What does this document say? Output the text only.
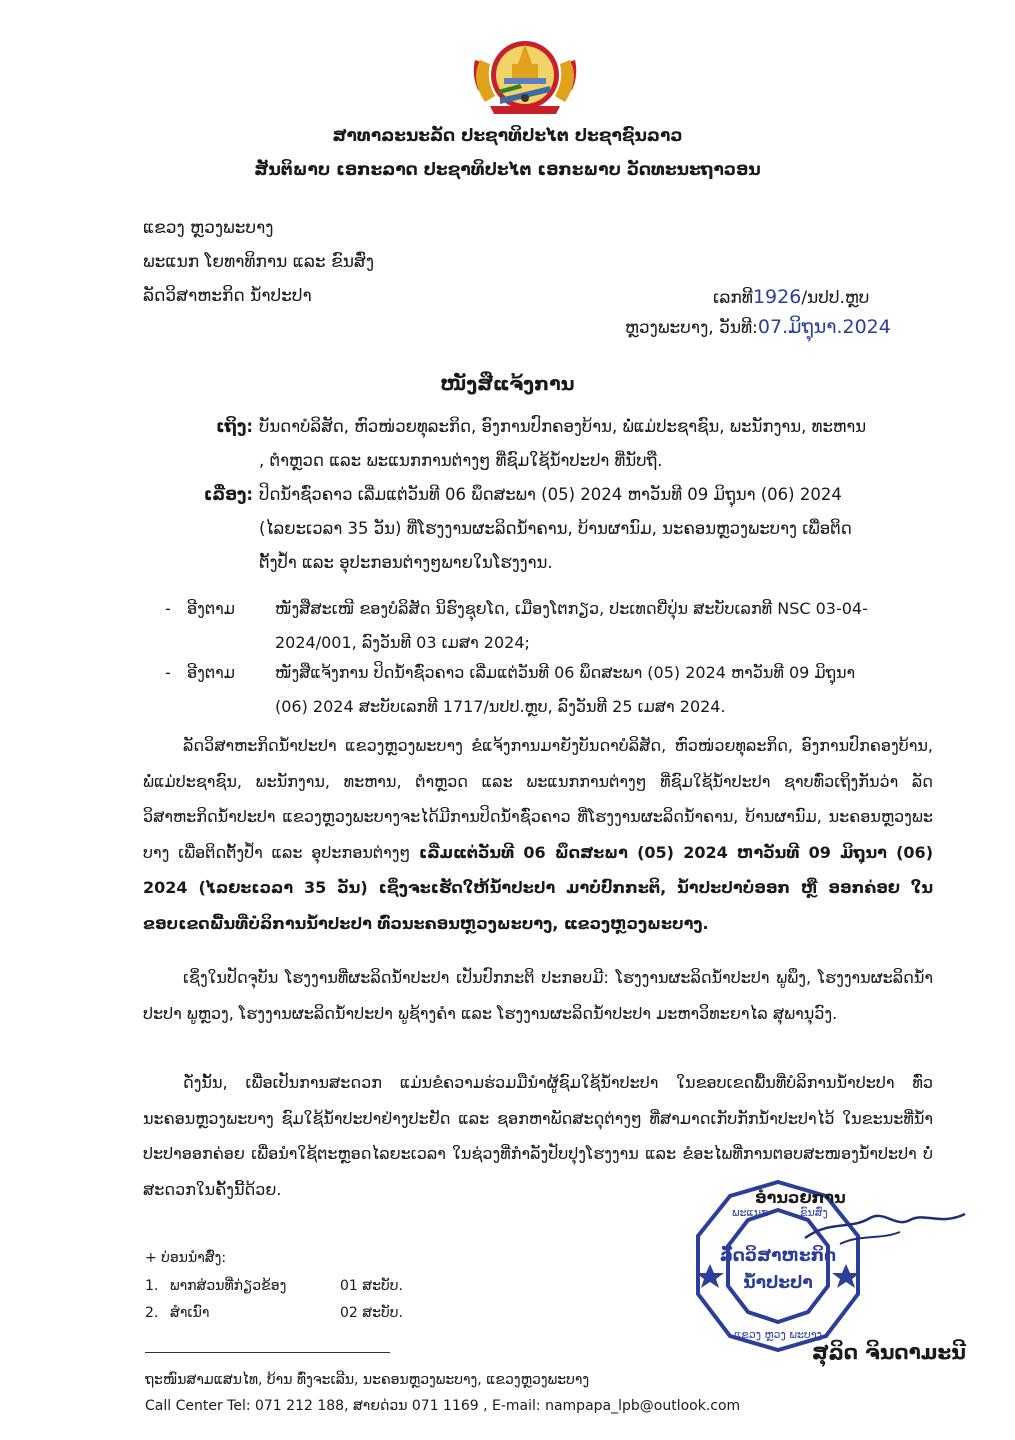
ສາທາລະນະລັດ ປະຊາທິປະໄຕ ປະຊາຊົນລາວ
ສັນຕິພາບ ເອກະລາດ ປະຊາທິປະໄຕ ເອກະພາບ ວັດທະນະຖາວອນ
ແຂວງ ຫຼວງພະບາງ
ພະແນກ ໂຍທາທິການ ແລະ ຂົນສົ່ງ
ລັດວິສາຫະກິດ ນ້ຳປະປາ	ເລກທີ1926/ນປປ.ຫຼບ
ຫຼວງພະບາງ, ວັນທີ:07.ມິຖຸນາ.2024
ໜັງສືແຈ້ງການ
ເຖິງ: ບັນດາບໍລິສັດ, ຫົວໜ່ວຍທຸລະກິດ, ອົງການປົກຄອງບ້ານ, ພໍ່ແມ່ປະຊາຊົນ, ພະນັກງານ, ທະຫານ
, ຕຳຫຼວດ ແລະ ພະແນກການຕ່າງໆ ທີ່ຊົມໃຊ້ນ້ຳປະປາ ທີ່ນັບຖື.
ເລື່ອງ: ປິດນ້ຳຊົ່ວຄາວ ເລີ່ມແຕ່ວັນທີ 06 ພຶດສະພາ (05) 2024 ຫາວັນທີ 09 ມິຖຸນາ (06) 2024
(ໄລຍະເວລາ 35 ວັນ) ທີ່ໂຮງງານຜະລິດນ້ຳຄານ, ບ້ານຜານົມ, ນະຄອນຫຼວງພະບາງ ເພື່ອຕິດ
ຕັ້ງປ້ຳ ແລະ ອຸປະກອນຕ່າງໆພາຍໃນໂຮງງານ.
-	ອີງຕາມ	ໜັງສືສະເໜີ ຂອງບໍລິສັດ ນິຮົງຊຸຍໂດ, ເມືອງໂຕກຽວ, ປະເທດຍີ່ປຸ່ນ ສະບັບເລກທີ NSC 03-04-
2024/001, ລົງວັນທີ 03 ເມສາ 2024;
-	ອີງຕາມ	ໜັງສືແຈ້ງການ ປິດນ້ຳຊົ່ວຄາວ ເລີ່ມແຕ່ວັນທີ 06 ພຶດສະພາ (05) 2024 ຫາວັນທີ 09 ມິຖຸນາ
(06) 2024 ສະບັບເລກທີ 1717/ນປປ.ຫຼບ, ລົງວັນທີ 25 ເມສາ 2024.

ລັດວິສາຫະກິດນ້ຳປະປາ ແຂວງຫຼວງພະບາງ ຂໍແຈ້ງການມາຍັງບັນດາບໍລິສັດ, ຫົວໜ່ວຍທຸລະກິດ, ອົງການປົກຄອງບ້ານ, ພໍ່ແມ່ປະຊາຊົນ, ພະນັກງານ, ທະຫານ, ຕຳຫຼວດ ແລະ ພະແນກການຕ່າງໆ ທີ່ຊົມໃຊ້ນ້ຳປະປາ ຊາບທົ່ວເຖິງກັນວ່າ ລັດວິສາຫະກິດນ້ຳປະປາ ແຂວງຫຼວງພະບາງຈະໄດ້ມີການປິດນ້ຳຊົ່ວຄາວ ທີ່ໂຮງງານຜະລິດນ້ຳຄານ, ບ້ານຜານົມ, ນະຄອນຫຼວງພະບາງ ເພື່ອຕິດຕັ້ງປ້ຳ ແລະ ອຸປະກອນຕ່າງໆ ເລີ່ມແຕ່ວັນທີ 06 ພຶດສະພາ (05) 2024 ຫາວັນທີ 09 ມິຖຸນາ (06) 2024 (ໄລຍະເວລາ 35 ວັນ) ເຊິ່ງຈະເຮັດໃຫ້ນ້ຳປະປາ ມາບໍ່ປົກກະຕິ, ນ້ຳປະປາບໍ່ອອກ ຫຼື ອອກຄ່ອຍ ໃນຂອບເຂດພື້ນທີ່ບໍລິການນ້ຳປະປາ ທົ່ວນະຄອນຫຼວງພະບາງ, ແຂວງຫຼວງພະບາງ.

ເຊິ່ງໃນປັດຈຸບັນ ໂຮງງານທີ່ຜະລິດນ້ຳປະປາ ເປັນປົກກະຕິ ປະກອບມີ: ໂຮງງານຜະລິດນ້ຳປະປາ ພູພຶງ, ໂຮງງານຜະລິດນ້ຳປະປາ ພູຫຼວງ, ໂຮງງານຜະລິດນ້ຳປະປາ ພູຊ້າງຄຳ ແລະ ໂຮງງານຜະລິດນ້ຳປະປາ ມະຫາວິທະຍາໄລ ສຸພານຸວົງ.

ດັ່ງນັ້ນ, ເພື່ອເປັນການສະດວກ ແມ່ນຂໍຄວາມຮ່ວມມືນຳຜູ້ຊົມໃຊ້ນ້ຳປະປາ ໃນຂອບເຂດພື້ນທີ່ບໍລິການນ້ຳປະປາ ທົ່ວນະຄອນຫຼວງພະບາງ ຊົມໃຊ້ນ້ຳປະປາຢ່າງປະຢັດ ແລະ ຊອກຫາພັດສະດຸຕ່າງໆ ທີ່ສາມາດເກັບກັກນ້ຳປະປາໄວ້ ໃນຂະນະທີ່ນ້ຳປະປາອອກຄ່ອຍ ເພື່ອນຳໃຊ້ຕະຫຼອດໄລຍະເວລາ ໃນຊ່ວງທີ່ກຳລັງປັບປຸງໂຮງງານ ແລະ ຂໍອະໄພທີ່ການຕອບສະໜອງນ້ຳປະປາ ບໍ່ສະດວກໃນຄັ້ງນີ້ດ້ວຍ.

ລັດວິສາຫະກິດ
ນ້ຳປະປາ
ພະແນກ	ຂົນສົ່ງ
ແຂວງ ຫຼວງ ພະບາງ
ອຳນວຍການ
ສຸລິດ ຈິນດາມະນີ
+ ບ່ອນນຳສົ່ງ:
1. ພາກສ່ວນທີ່ກ່ຽວຂ້ອງ	01 ສະບັບ.
2. ສຳເນົາ	02 ສະບັບ.
ຖະໜົນສາມແສນໄທ, ບ້ານ ທົ່ງຈະເລີນ, ນະຄອນຫຼວງພະບາງ, ແຂວງຫຼວງພະບາງ
Call Center Tel: 071 212 188, ສາຍດ່ວນ 071 1169 , E-mail: nampapa_lpb@outlook.com
